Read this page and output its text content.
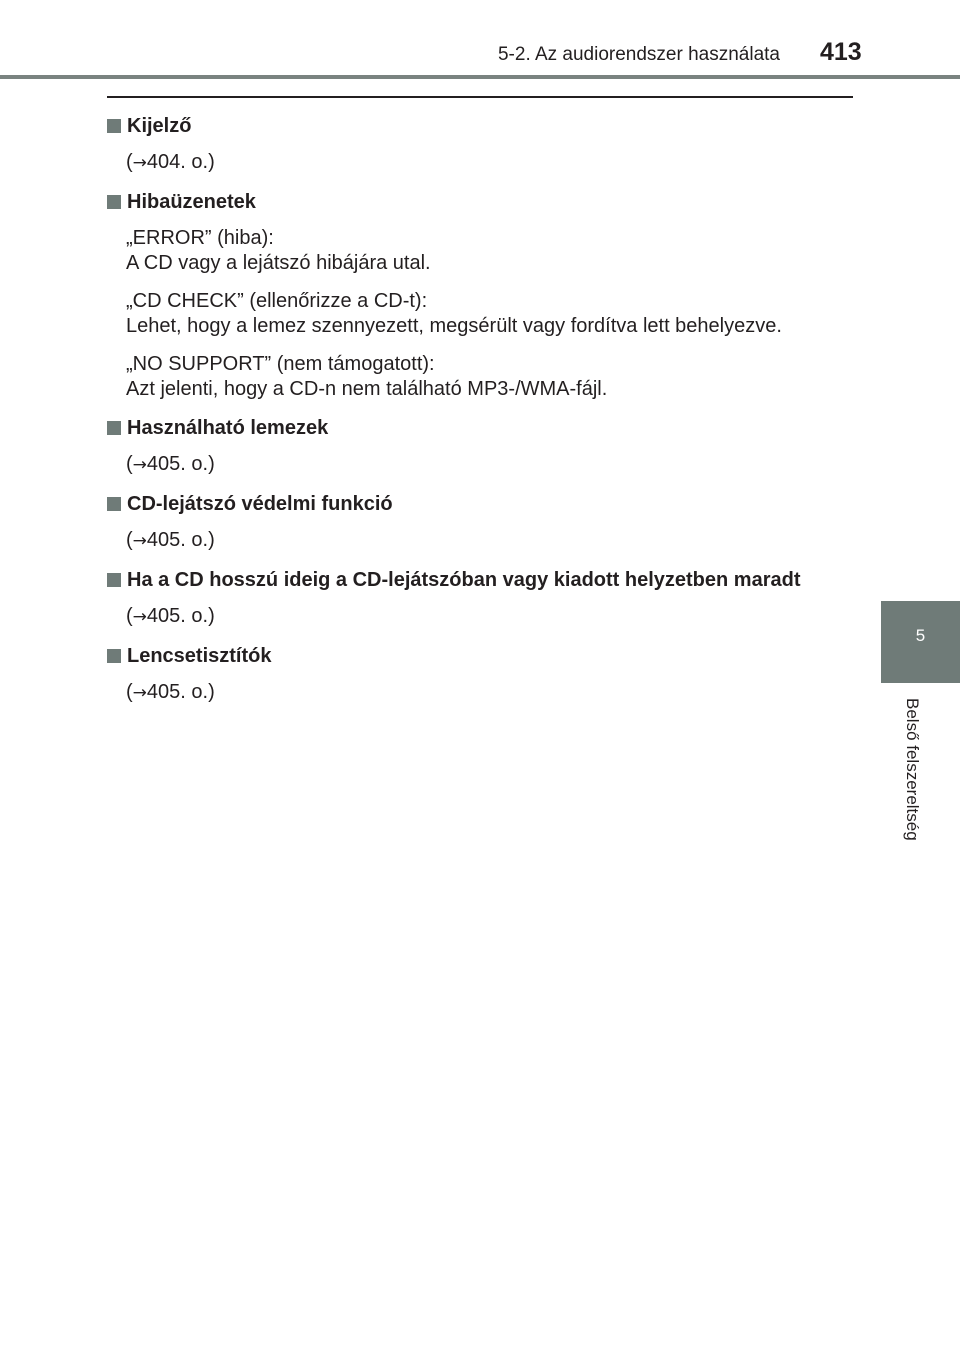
5-2. Az audiorendszer használata 413
5
Belső felszereltség
Kijelző
(→404. o.)
Hibaüzenetek
„ERROR” (hiba):
A CD vagy a lejátszó hibájára utal.
„CD CHECK” (ellenőrizze a CD-t):
Lehet, hogy a lemez szennyezett, megsérült vagy fordítva lett behelyezve.
„NO SUPPORT” (nem támogatott):
Azt jelenti, hogy a CD-n nem található MP3-/WMA-fájl.
Használható lemezek
(→405. o.)
CD-lejátszó védelmi funkció
(→405. o.)
Ha a CD hosszú ideig a CD-lejátszóban vagy kiadott helyzetben maradt
(→405. o.)
Lencsetisztítók
(→405. o.)
